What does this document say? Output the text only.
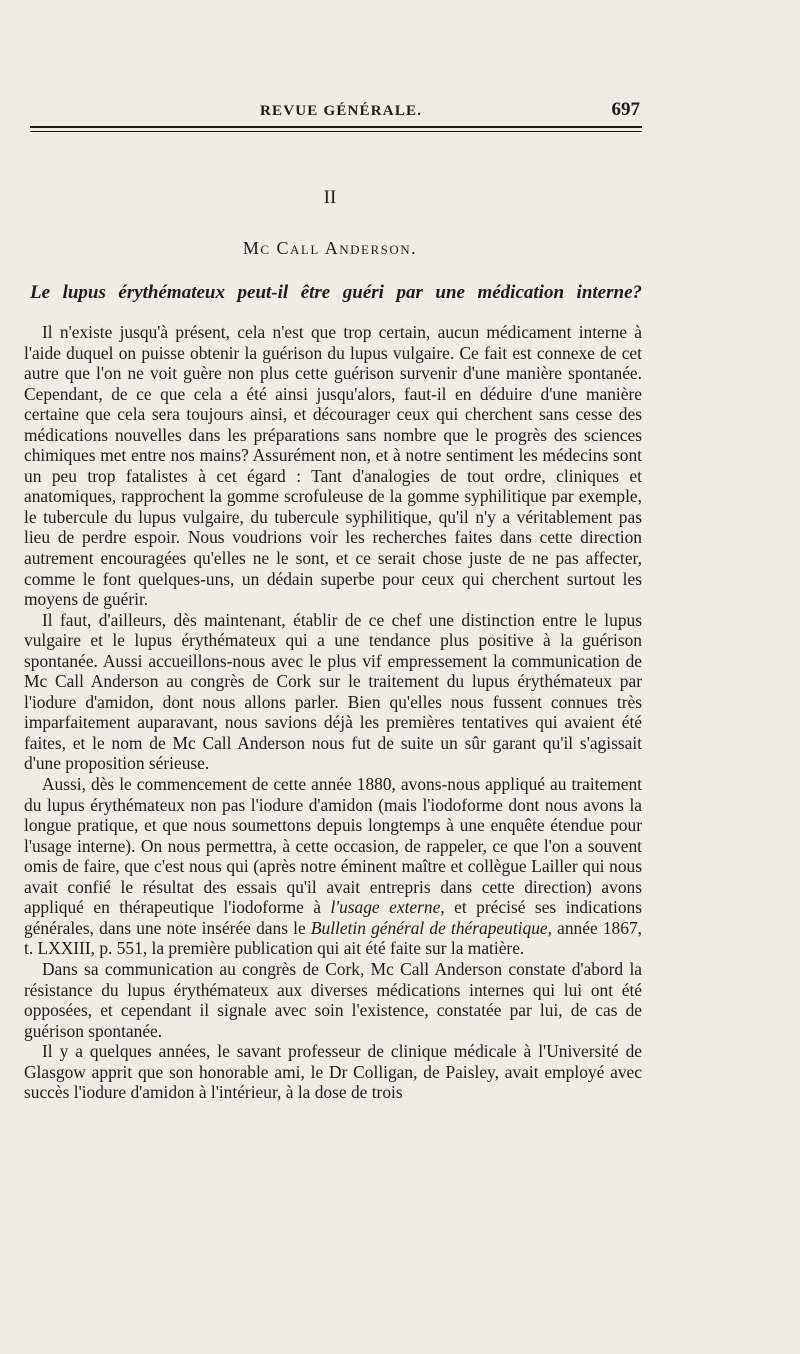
REVUE GÉNÉRALE.	697
II
Mc Call Anderson.
Le lupus érythémateux peut-il être guéri par une médication interne?

Il n'existe jusqu'à présent, cela n'est que trop certain, aucun médicament interne à l'aide duquel on puisse obtenir la guérison du lupus vulgaire. Ce fait est connexe de cet autre que l'on ne voit guère non plus cette guérison survenir d'une manière spontanée. Cependant, de ce que cela a été ainsi jusqu'alors, faut-il en déduire d'une manière certaine que cela sera toujours ainsi, et décourager ceux qui cherchent sans cesse des médications nouvelles dans les préparations sans nombre que le progrès des sciences chimiques met entre nos mains? Assurément non, et à notre sentiment les médecins sont un peu trop fatalistes à cet égard : Tant d'analogies de tout ordre, cliniques et anatomiques, rapprochent la gomme scrofuleuse de la gomme syphilitique par exemple, le tubercule du lupus vulgaire, du tubercule syphilitique, qu'il n'y a véritablement pas lieu de perdre espoir. Nous voudrions voir les recherches faites dans cette direction autrement encouragées qu'elles ne le sont, et ce serait chose juste de ne pas affecter, comme le font quelques-uns, un dédain superbe pour ceux qui cherchent surtout les moyens de guérir.

Il faut, d'ailleurs, dès maintenant, établir de ce chef une distinction entre le lupus vulgaire et le lupus érythémateux qui a une tendance plus positive à la guérison spontanée. Aussi accueillons-nous avec le plus vif empressement la communication de Mc Call Anderson au congrès de Cork sur le traitement du lupus érythémateux par l'iodure d'amidon, dont nous allons parler. Bien qu'elles nous fussent connues très imparfaitement auparavant, nous savions déjà les premières tentatives qui avaient été faites, et le nom de Mc Call Anderson nous fut de suite un sûr garant qu'il s'agissait d'une proposition sérieuse.

Aussi, dès le commencement de cette année 1880, avons-nous appliqué au traitement du lupus érythémateux non pas l'iodure d'amidon (mais l'iodoforme dont nous avons la longue pratique, et que nous soumettons depuis longtemps à une enquête étendue pour l'usage interne). On nous permettra, à cette occasion, de rappeler, ce que l'on a souvent omis de faire, que c'est nous qui (après notre éminent maître et collègue Lailler qui nous avait confié le résultat des essais qu'il avait entrepris dans cette direction) avons appliqué en thérapeutique l'iodoforme à l'usage externe, et précisé ses indications générales, dans une note insérée dans le Bulletin général de thérapeutique, année 1867, t. LXXIII, p. 551, la première publication qui ait été faite sur la matière.

Dans sa communication au congrès de Cork, Mc Call Anderson constate d'abord la résistance du lupus érythémateux aux diverses médications internes qui lui ont été opposées, et cependant il signale avec soin l'existence, constatée par lui, de cas de guérison spontanée.

Il y a quelques années, le savant professeur de clinique médicale à l'Université de Glasgow apprit que son honorable ami, le Dr Colligan, de Paisley, avait employé avec succès l'iodure d'amidon à l'intérieur, à la dose de trois
